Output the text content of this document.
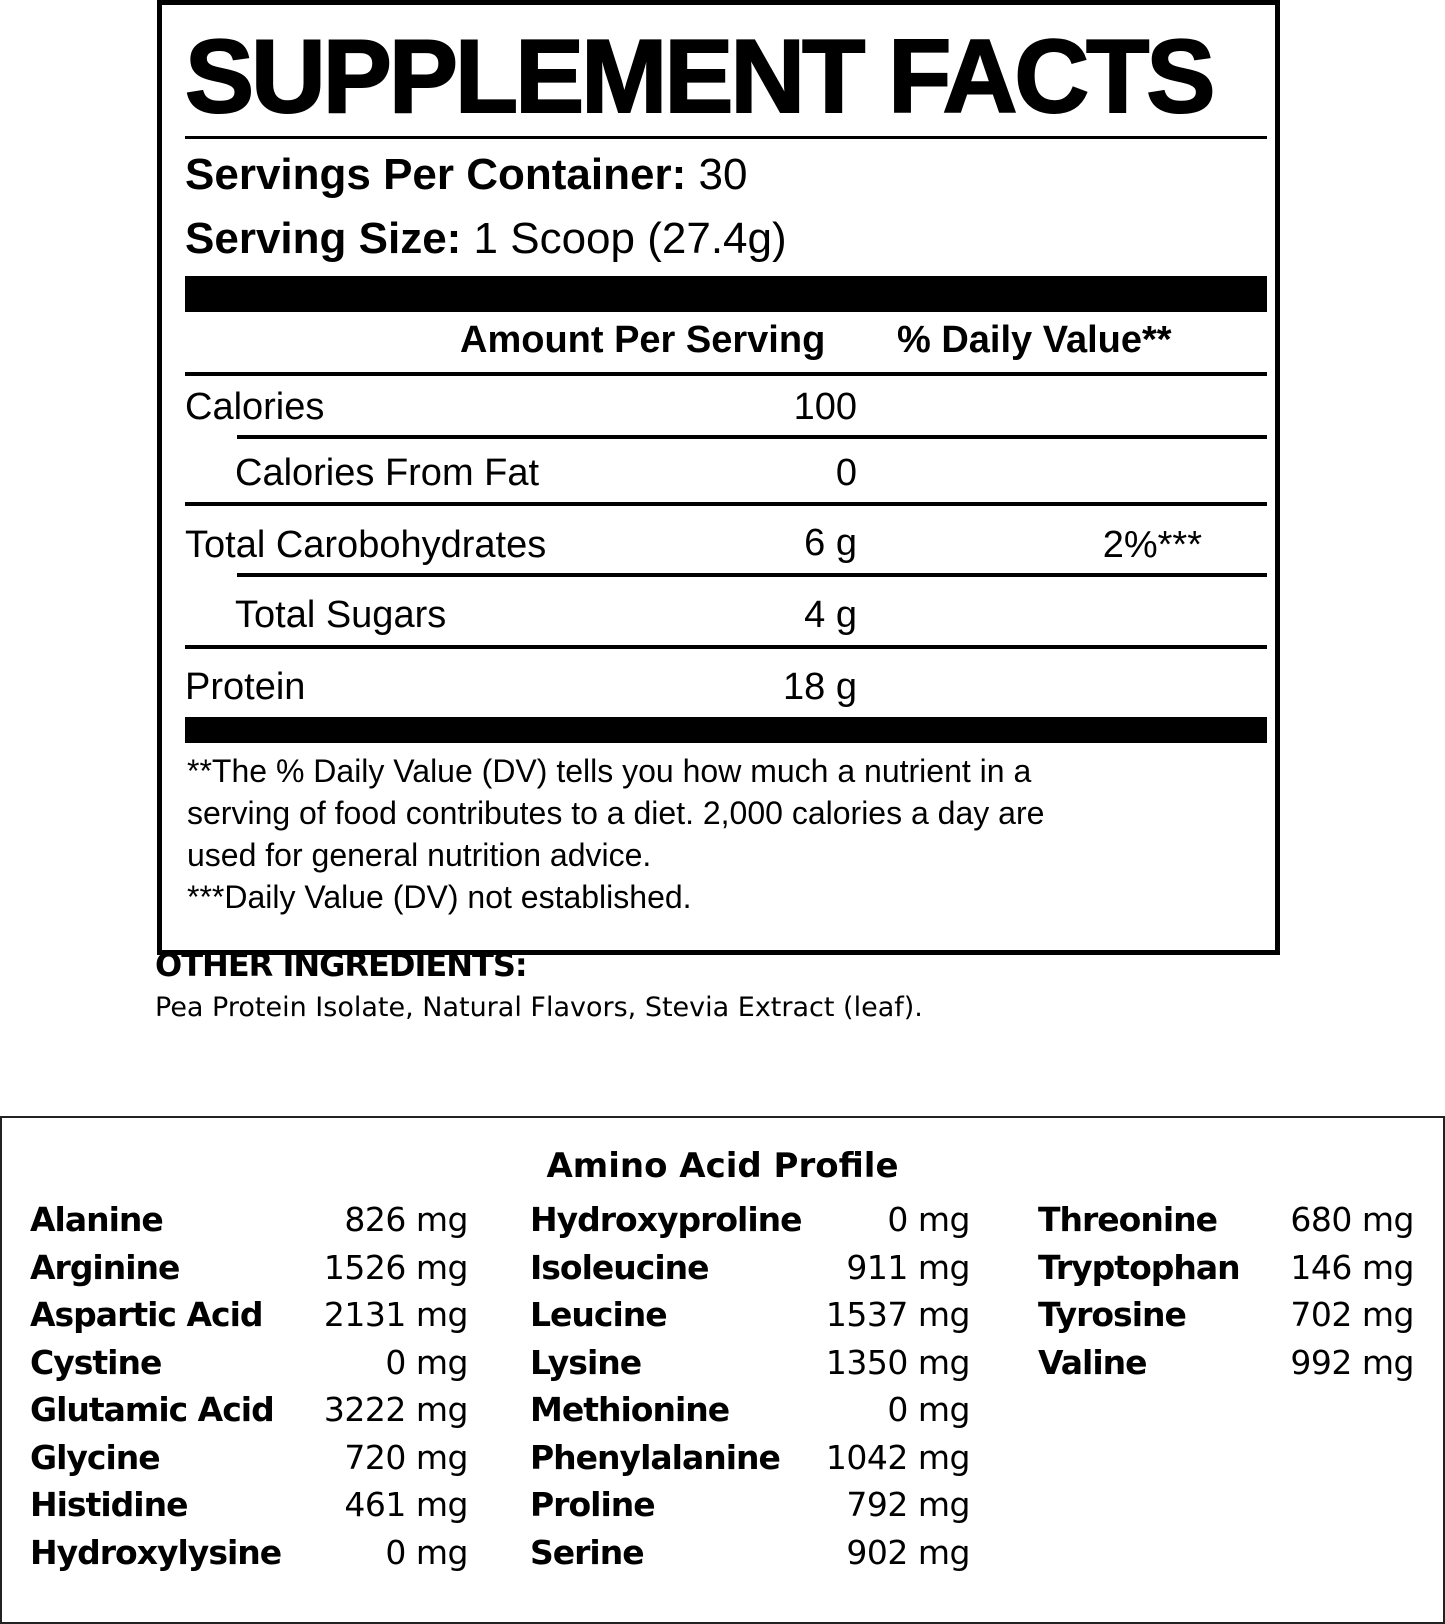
SUPPLEMENT FACTS
Servings Per Container: 30
Serving Size: 1 Scoop (27.4g)
Amount Per Serving % Daily Value**
Calories	100
Calories From Fat	0
Total Carobohydrates	6 g	2%***
Total Sugars	4 g
Protein	18 g
**The % Daily Value (DV) tells you how much a nutrient in a
serving of food contributes to a diet. 2,000 calories a day are
used for general nutrition advice.
***Daily Value (DV) not established.
OTHER INGREDIENTS:
Pea Protein Isolate, Natural Flavors, Stevia Extract (leaf).
Amino Acid Profile
Alanine	826 mg
Arginine	1526 mg
Aspartic Acid 2131 mg
Cystine	0 mg
Glutamic Acid 3222 mg
Glycine	720 mg
Histidine	461 mg
Hydroxylysine	0 mg
Hydroxyproline	0 mg
Isoleucine	911 mg
Leucine	1537 mg
Lysine	1350 mg
Methionine	0 mg
Phenylalanine 1042 mg
Proline	792 mg
Serine	902 mg
Threonine 680 mg
Tryptophan 146 mg
Tyrosine	702 mg
Valine	992 mg
